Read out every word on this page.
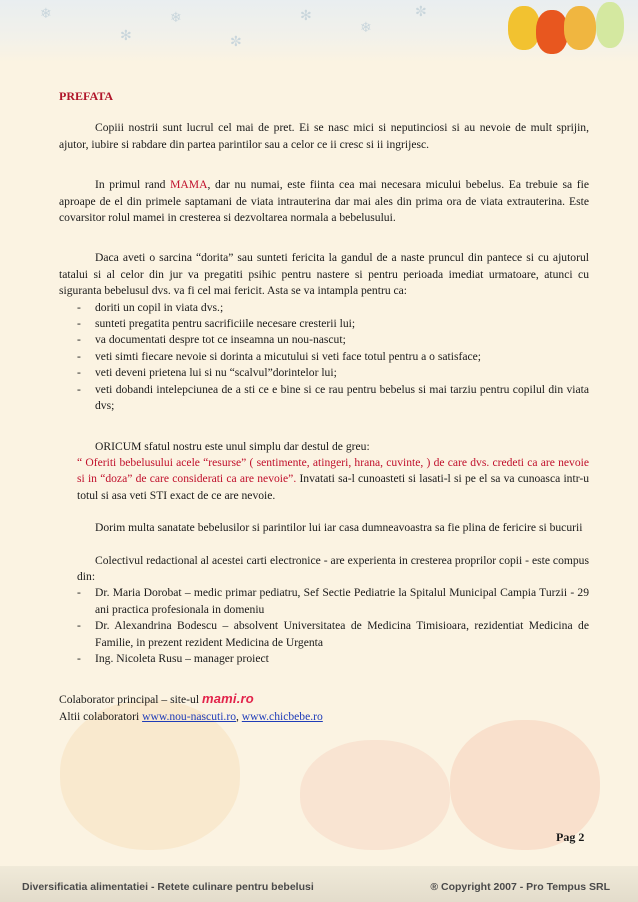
❄
✻
❄
✼
✻
❄
✼

PREFATA

Copiii nostrii sunt lucrul cel mai de pret. Ei se nasc mici si neputinciosi si au nevoie de mult sprijin, ajutor, iubire si rabdare din partea parintilor sau a celor ce ii cresc si ii ingrijesc.

In primul rand MAMA, dar nu numai, este fiinta cea mai necesara micului bebelus. Ea trebuie sa fie aproape de el din primele saptamani de viata intrauterina dar mai ales din prima ora de viata extrauterina. Este covarsitor rolul mamei in cresterea si dezvoltarea normala a bebelusului.

Daca aveti o sarcina “dorita” sau sunteti fericita la gandul de a naste pruncul din pantece si cu ajutorul tatalui si al celor din jur va pregatiti psihic pentru nastere si pentru perioada imediat urmatoare, atunci cu siguranta bebelusul dvs. va fi cel mai fericit. Asta se va intampla pentru ca:

- doriti un copil in viata dvs.;
- sunteti pregatita pentru sacrificiile necesare cresterii lui;
- va documentati despre tot ce inseamna un nou-nascut;
- veti simti fiecare nevoie si dorinta a micutului si veti face totul pentru a o satisface;
- veti deveni prietena lui si nu “scalvul”dorintelor lui;
- veti dobandi intelepciunea de a sti ce e bine si ce rau pentru bebelus si mai tarziu pentru copilul din viata dvs;

ORICUM sfatul nostru este unul simplu dar destul de greu:

“ Oferiti bebelusului acele “resurse” ( sentimente, atingeri, hrana, cuvinte, ) de care dvs. credeti ca are nevoie si in “doza” de care considerati ca are nevoie”. Invatati sa-l cunoasteti si lasati-l si pe el sa va cunoasca intr-u totul si asa veti STI exact de ce are nevoie.

Dorim multa sanatate bebelusilor si parintilor lui iar casa dumneavoastra sa fie plina de fericire si bucurii

Colectivul redactional al acestei carti electronice - are experienta in cresterea proprilor copii - este compus din:

- Dr. Maria Dorobat – medic primar pediatru, Sef Sectie Pediatrie la Spitalul Municipal Campia Turzii - 29 ani practica profesionala in domeniu
- Dr. Alexandrina Bodescu – absolvent Universitatea de Medicina Timisioara, rezidentiat Medicina de Familie, in prezent rezident Medicina de Urgenta
- Ing. Nicoleta Rusu – manager proiect

Colaborator principal – site-ul mami.ro

Altii colaboratori www.nou-nascuti.ro, www.chicbebe.ro

Pag 2
Diversificatia alimentatiei - Retete culinare pentru bebelusi	® Copyright 2007 - Pro Tempus SRL
